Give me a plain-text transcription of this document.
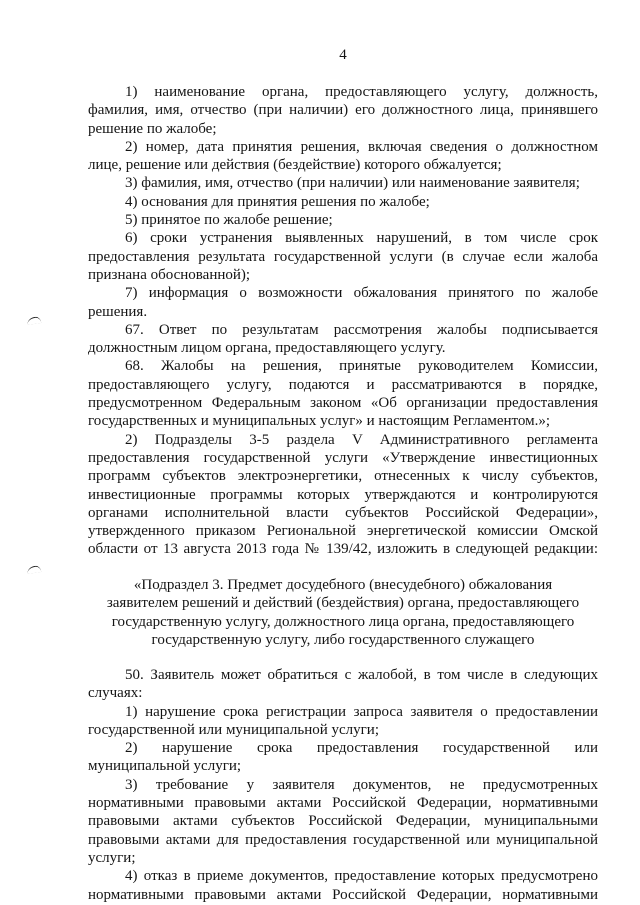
4
1) наименование органа, предоставляющего услугу, должность,
фамилия, имя, отчество (при наличии) его должностного лица, принявшего
решение по жалобе;
2) номер, дата принятия решения, включая сведения о должностном
лице, решение или действия (бездействие) которого обжалуется;
3) фамилия, имя, отчество (при наличии) или наименование заявителя;
4) основания для принятия решения по жалобе;
5) принятое по жалобе решение;
6) сроки устранения выявленных нарушений, в том числе срок
предоставления результата государственной услуги (в случае если жалоба
признана обоснованной);
7) информация о возможности обжалования принятого по жалобе
решения.
67. Ответ по результатам рассмотрения жалобы подписывается
должностным лицом органа, предоставляющего услугу.
68. Жалобы на решения, принятые руководителем Комиссии,
предоставляющего услугу, подаются и рассматриваются в порядке,
предусмотренном Федеральным законом «Об организации предоставления
государственных и муниципальных услуг» и настоящим Регламентом.»;
2) Подразделы 3-5 раздела V Административного регламента
предоставления государственной услуги «Утверждение инвестиционных
программ субъектов электроэнергетики, отнесенных к числу субъектов,
инвестиционные программы которых утверждаются и контролируются
органами исполнительной власти субъектов Российской Федерации»,
утвержденного приказом Региональной энергетической комиссии Омской
области от 13 августа 2013 года № 139/42, изложить в следующей редакции:
«Подраздел 3. Предмет досудебного (внесудебного) обжалования
заявителем решений и действий (бездействия) органа, предоставляющего
государственную услугу, должностного лица органа, предоставляющего
государственную услугу, либо государственного служащего
50. Заявитель может обратиться с жалобой, в том числе в следующих
случаях:
1) нарушение срока регистрации запроса заявителя о предоставлении
государственной или муниципальной услуги;
2) нарушение срока предоставления государственной или
муниципальной услуги;
3) требование у заявителя документов, не предусмотренных
нормативными правовыми актами Российской Федерации, нормативными
правовыми актами субъектов Российской Федерации, муниципальными
правовыми актами для предоставления государственной или муниципальной
услуги;
4) отказ в приеме документов, предоставление которых предусмотрено
нормативными правовыми актами Российской Федерации, нормативными
